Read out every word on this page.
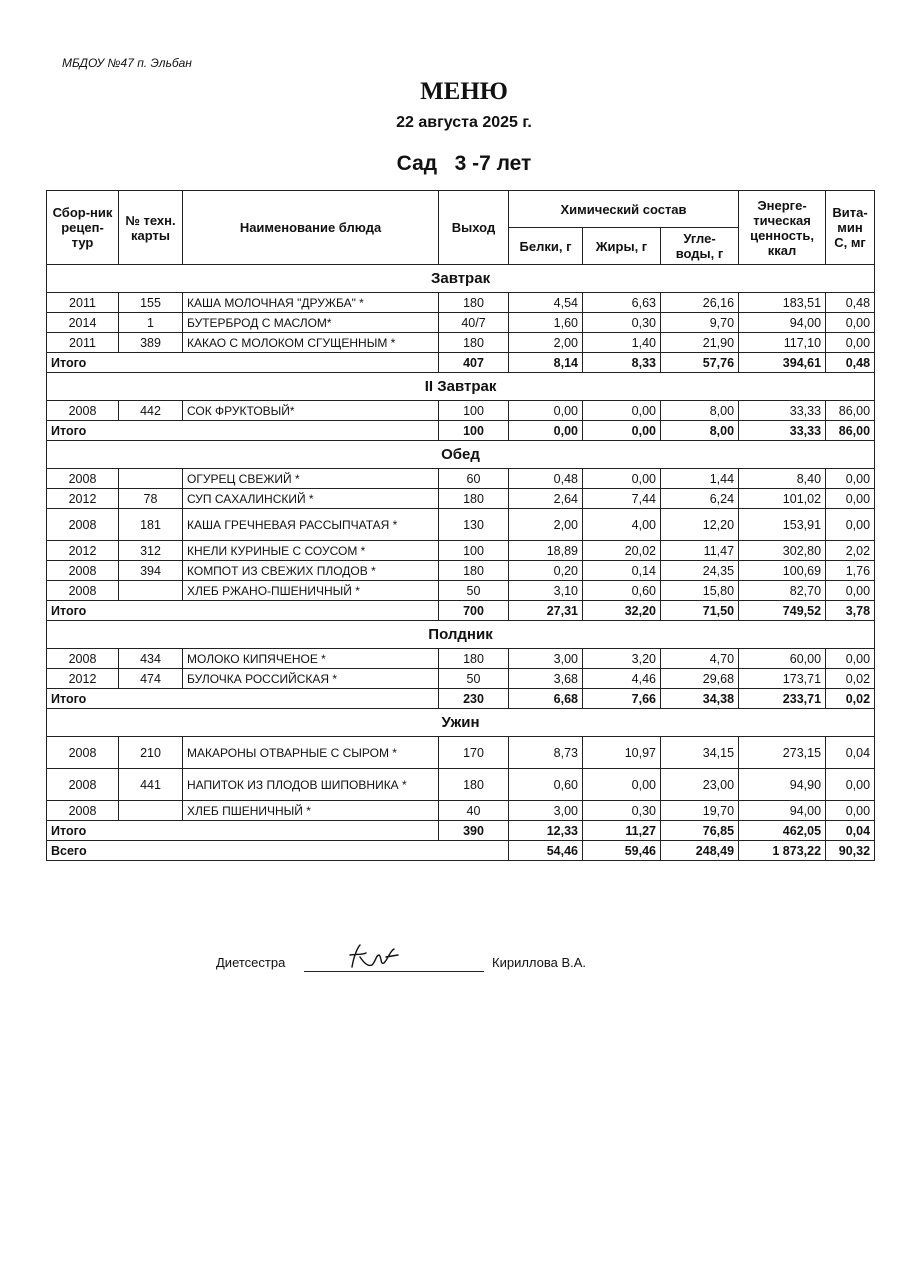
МБДОУ №47 п. Эльбан
МЕНЮ
22 августа 2025 г.
Сад   3 -7 лет
Сбор-ник рецеп-тур	№ техн. карты	Наименование блюда	Выход	Химический состав			Энерге-тическая ценность, ккал	Вита-мин С, мг
				Белки, г	Жиры, г	Угле-воды, г		
Завтрак								
2011	155	КАША МОЛОЧНАЯ "ДРУЖБА" *	180	4,54	6,63	26,16	183,51	0,48
2014	1	БУТЕРБРОД С МАСЛОМ*	40/7	1,60	0,30	9,70	94,00	0,00
2011	389	КАКАО С МОЛОКОМ СГУЩЕННЫМ *	180	2,00	1,40	21,90	117,10	0,00
Итого			407	8,14	8,33	57,76	394,61	0,48
II Завтрак								
2008	442	СОК ФРУКТОВЫЙ*	100	0,00	0,00	8,00	33,33	86,00
Итого			100	0,00	0,00	8,00	33,33	86,00
Обед								
2008		ОГУРЕЦ СВЕЖИЙ *	60	0,48	0,00	1,44	8,40	0,00
2012	78	СУП САХАЛИНСКИЙ *	180	2,64	7,44	6,24	101,02	0,00
2008	181	КАША ГРЕЧНЕВАЯ РАССЫПЧАТАЯ *	130	2,00	4,00	12,20	153,91	0,00
2012	312	КНЕЛИ КУРИНЫЕ С СОУСОМ *	100	18,89	20,02	11,47	302,80	2,02
2008	394	КОМПОТ ИЗ СВЕЖИХ ПЛОДОВ *	180	0,20	0,14	24,35	100,69	1,76
2008		ХЛЕБ РЖАНО-ПШЕНИЧНЫЙ *	50	3,10	0,60	15,80	82,70	0,00
Итого			700	27,31	32,20	71,50	749,52	3,78
Полдник								
2008	434	МОЛОКО КИПЯЧЕНОЕ *	180	3,00	3,20	4,70	60,00	0,00
2012	474	БУЛОЧКА РОССИЙСКАЯ *	50	3,68	4,46	29,68	173,71	0,02
Итого			230	6,68	7,66	34,38	233,71	0,02
Ужин								
2008	210	МАКАРОНЫ ОТВАРНЫЕ С СЫРОМ *	170	8,73	10,97	34,15	273,15	0,04
2008	441	НАПИТОК ИЗ ПЛОДОВ ШИПОВНИКА *	180	0,60	0,00	23,00	94,90	0,00
2008		ХЛЕБ ПШЕНИЧНЫЙ *	40	3,00	0,30	19,70	94,00	0,00
Итого			390	12,33	11,27	76,85	462,05	0,04
Всего				54,46	59,46	248,49	1 873,22	90,32
Диетсестра	Кириллова В.А.
